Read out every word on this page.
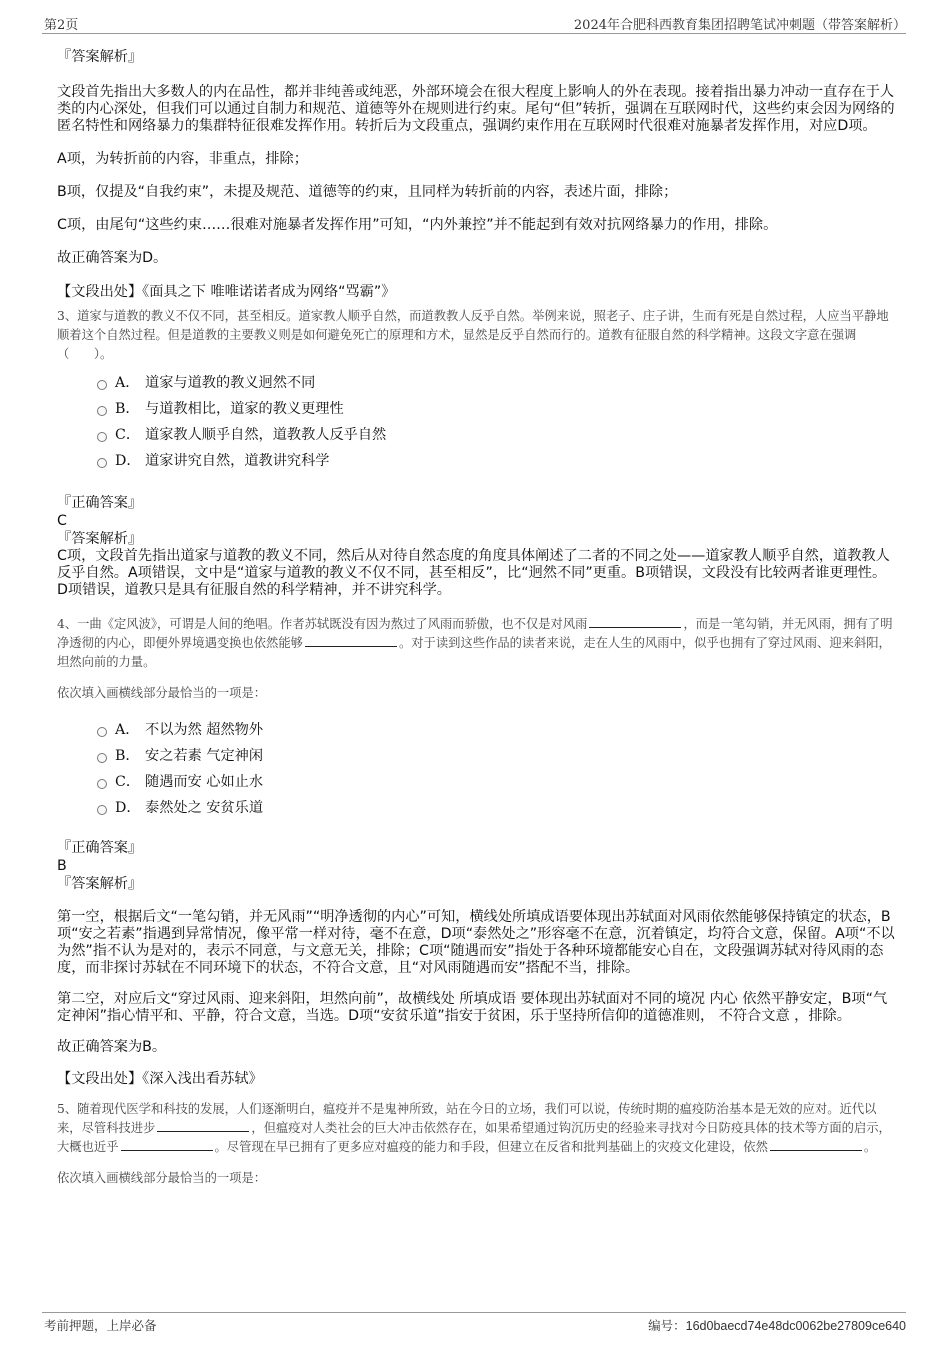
第2页	2024年合肥科西教育集团招聘笔试冲刺题（带答案解析）

『答案解析』

文段首先指出大多数人的内在品性，都并非纯善或纯恶，外部环境会在很大程度上影响人的外在表现。接着指出暴力冲动一直存在于人类的内心深处，但我们可以通过自制力和规范、道德等外在规则进行约束。尾句“但”转折，强调在互联网时代，这些约束会因为网络的匿名特性和网络暴力的集群特征很难发挥作用。转折后为文段重点，强调约束作用在互联网时代很难对施暴者发挥作用，对应D项。

A项，为转折前的内容，非重点，排除；

B项，仅提及“自我约束”，未提及规范、道德等的约束，且同样为转折前的内容，表述片面，排除；

C项，由尾句“这些约束……很难对施暴者发挥作用”可知，“内外兼控”并不能起到有效对抗网络暴力的作用，排除。

故正确答案为D。

【文段出处】《面具之下 唯唯诺诺者成为网络“骂霸”》

3、道家与道教的教义不仅不同，甚至相反。道家教人顺乎自然，而道教教人反乎自然。举例来说，照老子、庄子讲，生而有死是自然过程，人应当平静地顺着这个自然过程。但是道教的主要教义则是如何避免死亡的原理和方术，显然是反乎自然而行的。道教有征服自然的科学精神。这段文字意在强调（　　）。

A． 道家与道教的教义迥然不同
B． 与道教相比，道家的教义更理性
C． 道家教人顺乎自然，道教教人反乎自然
D． 道家讲究自然，道教讲究科学

『正确答案』

C

『答案解析』

C项，文段首先指出道家与道教的教义不同，然后从对待自然态度的角度具体阐述了二者的不同之处——道家教人顺乎自然，道教教人反乎自然。A项错误，文中是“道家与道教的教义不仅不同，甚至相反”，比“迥然不同”更重。B项错误，文段没有比较两者谁更理性。D项错误，道教只是具有征服自然的科学精神，并不讲究科学。

4、一曲《定风波》，可谓是人间的绝唱。作者苏轼既没有因为熬过了风雨而骄傲，也不仅是对风雨	，而是一笔勾销，并无风雨，拥有了明净透彻的内心，即便外界境遇变换也依然能够	。对于读到这些作品的读者来说，走在人生的风雨中，似乎也拥有了穿过风雨、迎来斜阳，坦然向前的力量。

依次填入画横线部分最恰当的一项是：

A． 不以为然 超然物外
B． 安之若素 气定神闲
C． 随遇而安 心如止水
D． 泰然处之 安贫乐道

『正确答案』

B

『答案解析』

第一空，根据后文“一笔勾销，并无风雨”“明净透彻的内心”可知，横线处所填成语要体现出苏轼面对风雨依然能够保持镇定的状态，B项“安之若素”指遇到异常情况，像平常一样对待，毫不在意，D项“泰然处之”形容毫不在意，沉着镇定，均符合文意，保留。A项“不以为然”指不认为是对的，表示不同意，与文意无关，排除；C项“随遇而安”指处于各种环境都能安心自在，文段强调苏轼对待风雨的态度，而非探讨苏轼在不同环境下的状态，不符合文意，且“对风雨随遇而安”搭配不当，排除。

第二空，对应后文“穿过风雨、迎来斜阳，坦然向前”，故横线处 所填成语 要体现出苏轼面对不同的境况 内心 依然平静安定，B项“气定神闲”指心情平和、平静，符合文意，当选。D项“安贫乐道”指安于贫困，乐于坚持所信仰的道德准则， 不符合文意 ，排除。

故正确答案为B。

【文段出处】《深入浅出看苏轼》

5、随着现代医学和科技的发展，人们逐渐明白，瘟疫并不是鬼神所致，站在今日的立场，我们可以说，传统时期的瘟疫防治基本是无效的应对。近代以来，尽管科技进步	，但瘟疫对人类社会的巨大冲击依然存在，如果希望通过钩沉历史的经验来寻找对今日防疫具体的技术等方面的启示，大概也近乎	。尽管现在早已拥有了更多应对瘟疫的能力和手段，但建立在反省和批判基础上的灾疫文化建设，依然	。

依次填入画横线部分最恰当的一项是：

考前押题，上岸必备	编号：16d0baecd74e48dc0062be27809ce640
